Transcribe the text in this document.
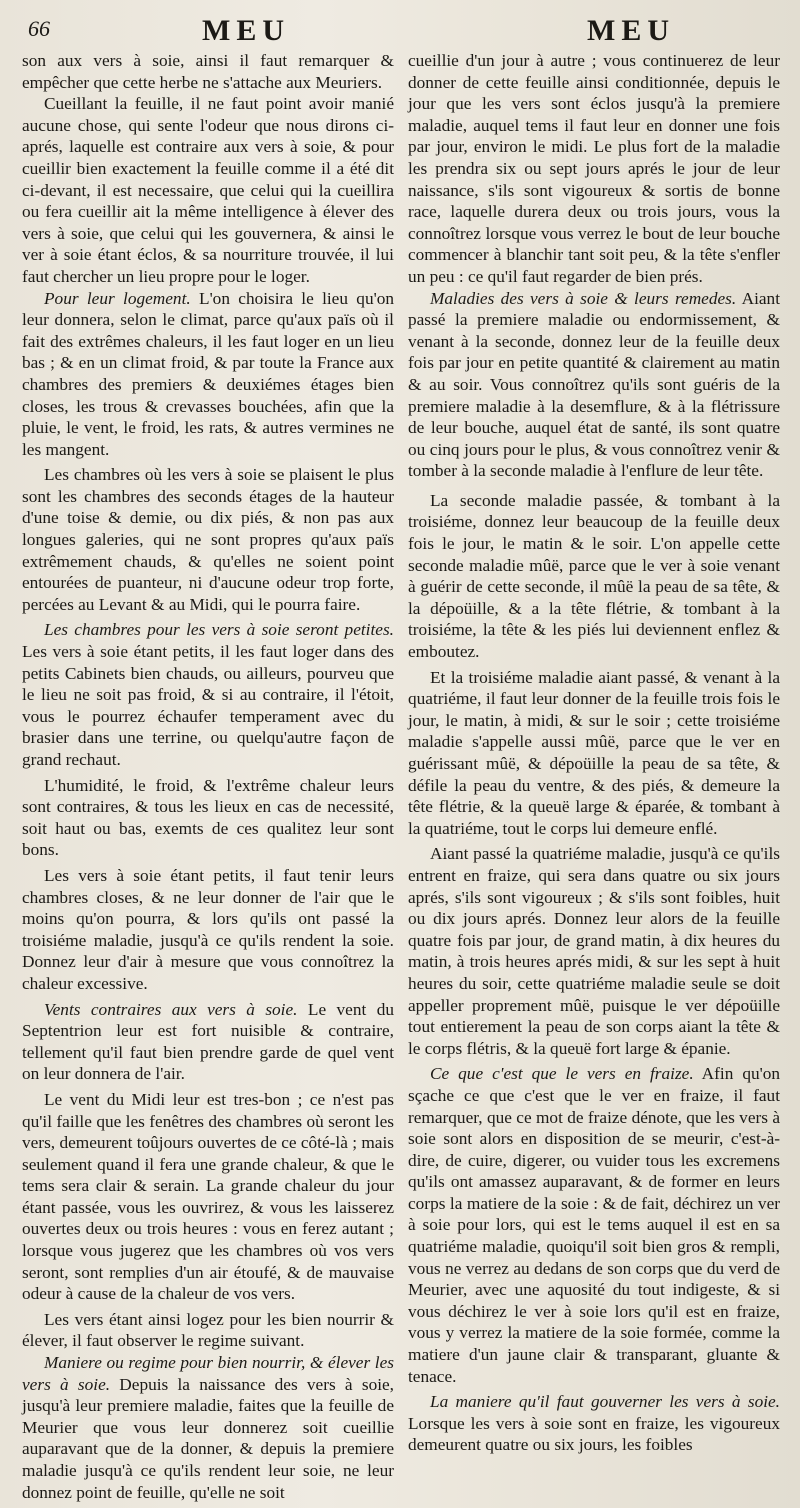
66	MEU	MEU

son aux vers à soie, ainsi il faut remarquer & empêcher que cette herbe ne s'attache aux Meuriers.

Cueillant la feuille, il ne faut point avoir manié aucune chose, qui sente l'odeur que nous dirons ci-aprés, laquelle est contraire aux vers à soie, & pour cueillir bien exactement la feuille comme il a été dit ci-devant, il est necessaire, que celui qui la cueillira ou fera cueillir ait la même intelligence à élever des vers à soie, que celui qui les gouvernera, & ainsi le ver à soie étant éclos, & sa nourriture trouvée, il lui faut chercher un lieu propre pour le loger.

Pour leur logement. L'on choisira le lieu qu'on leur donnera, selon le climat, parce qu'aux païs où il fait des extrêmes chaleurs, il les faut loger en un lieu bas ; & en un climat froid, & par toute la France aux chambres des premiers & deuxiémes étages bien closes, les trous & crevasses bouchées, afin que la pluie, le vent, le froid, les rats, & autres vermines ne les mangent.

Les chambres où les vers à soie se plaisent le plus sont les chambres des seconds étages de la hauteur d'une toise & demie, ou dix piés, & non pas aux longues galeries, qui ne sont propres qu'aux païs extrêmement chauds, & qu'elles ne soient point entourées de puanteur, ni d'aucune odeur trop forte, percées au Levant & au Midi, qui le pourra faire.

Les chambres pour les vers à soie seront petites. Les vers à soie étant petits, il les faut loger dans des petits Cabinets bien chauds, ou ailleurs, pourveu que le lieu ne soit pas froid, & si au contraire, il l'étoit, vous le pourrez échaufer temperament avec du brasier dans une terrine, ou quelqu'autre façon de grand rechaut.

L'humidité, le froid, & l'extrême chaleur leurs sont contraires, & tous les lieux en cas de necessité, soit haut ou bas, exemts de ces qualitez leur sont bons.

Les vers à soie étant petits, il faut tenir leurs chambres closes, & ne leur donner de l'air que le moins qu'on pourra, & lors qu'ils ont passé la troisiéme maladie, jusqu'à ce qu'ils rendent la soie. Donnez leur d'air à mesure que vous connoîtrez la chaleur excessive.

Vents contraires aux vers à soie. Le vent du Septentrion leur est fort nuisible & contraire, tellement qu'il faut bien prendre garde de quel vent on leur donnera de l'air.

Le vent du Midi leur est tres-bon ; ce n'est pas qu'il faille que les fenêtres des chambres où seront les vers, demeurent toûjours ouvertes de ce côté-là ; mais seulement quand il fera une grande chaleur, & que le tems sera clair & serain. La grande chaleur du jour étant passée, vous les ouvrirez, & vous les laisserez ouvertes deux ou trois heures : vous en ferez autant ; lorsque vous jugerez que les chambres où vos vers seront, sont remplies d'un air étoufé, & de mauvaise odeur à cause de la chaleur de vos vers.

Les vers étant ainsi logez pour les bien nourrir & élever, il faut observer le regime suivant.

Maniere ou regime pour bien nourrir, & élever les vers à soie. Depuis la naissance des vers à soie, jusqu'à leur premiere maladie, faites que la feuille de Meurier que vous leur donnerez soit cueillie auparavant que de la donner, & depuis la premiere maladie jusqu'à ce qu'ils rendent leur soie, ne leur donnez point de feuille, qu'elle ne soit

cueillie d'un jour à autre ; vous continuerez de leur donner de cette feuille ainsi conditionnée, depuis le jour que les vers sont éclos jusqu'à la premiere maladie, auquel tems il faut leur en donner une fois par jour, environ le midi. Le plus fort de la maladie les prendra six ou sept jours aprés le jour de leur naissance, s'ils sont vigoureux & sortis de bonne race, laquelle durera deux ou trois jours, vous la connoîtrez lorsque vous verrez le bout de leur bouche commencer à blanchir tant soit peu, & la tête s'enfler un peu : ce qu'il faut regarder de bien prés.

Maladies des vers à soie & leurs remedes. Aiant passé la premiere maladie ou endormissement, & venant à la seconde, donnez leur de la feuille deux fois par jour en petite quantité & clairement au matin & au soir. Vous connoîtrez qu'ils sont guéris de la premiere maladie à la desemflure, & à la flétrissure de leur bouche, auquel état de santé, ils sont quatre ou cinq jours pour le plus, & vous connoîtrez venir & tomber à la seconde maladie à l'enflure de leur tête.

La seconde maladie passée, & tombant à la troisiéme, donnez leur beaucoup de la feuille deux fois le jour, le matin & le soir. L'on appelle cette seconde maladie mûë, parce que le ver à soie venant à guérir de cette seconde, il mûë la peau de sa tête, & la dépoüille, & a la tête flétrie, & tombant à la troisiéme, la tête & les piés lui deviennent enflez & emboutez.

Et la troisiéme maladie aiant passé, & venant à la quatriéme, il faut leur donner de la feuille trois fois le jour, le matin, à midi, & sur le soir ; cette troisiéme maladie s'appelle aussi mûë, parce que le ver en guérissant mûë, & dépoüille la peau de sa tête, & défile la peau du ventre, & des piés, & demeure la tête flétrie, & la queuë large & éparée, & tombant à la quatriéme, tout le corps lui demeure enflé.

Aiant passé la quatriéme maladie, jusqu'à ce qu'ils entrent en fraize, qui sera dans quatre ou six jours aprés, s'ils sont vigoureux ; & s'ils sont foibles, huit ou dix jours aprés. Donnez leur alors de la feuille quatre fois par jour, de grand matin, à dix heures du matin, à trois heures aprés midi, & sur les sept à huit heures du soir, cette quatriéme maladie seule se doit appeller proprement mûë, puisque le ver dépoüille tout entierement la peau de son corps aiant la tête & le corps flétris, & la queuë fort large & épanie.

Ce que c'est que le vers en fraize. Afin qu'on sçache ce que c'est que le ver en fraize, il faut remarquer, que ce mot de fraize dénote, que les vers à soie sont alors en disposition de se meurir, c'est-à-dire, de cuire, digerer, ou vuider tous les excremens qu'ils ont amassez auparavant, & de former en leurs corps la matiere de la soie : & de fait, déchirez un ver à soie pour lors, qui est le tems auquel il est en sa quatriéme maladie, quoiqu'il soit bien gros & rempli, vous ne verrez au dedans de son corps que du verd de Meurier, avec une aquosité du tout indigeste, & si vous déchirez le ver à soie lors qu'il est en fraize, vous y verrez la matiere de la soie formée, comme la matiere d'un jaune clair & transparant, gluante & tenace.

La maniere qu'il faut gouverner les vers à soie. Lorsque les vers à soie sont en fraize, les vigoureux demeurent quatre ou six jours, les foibles
